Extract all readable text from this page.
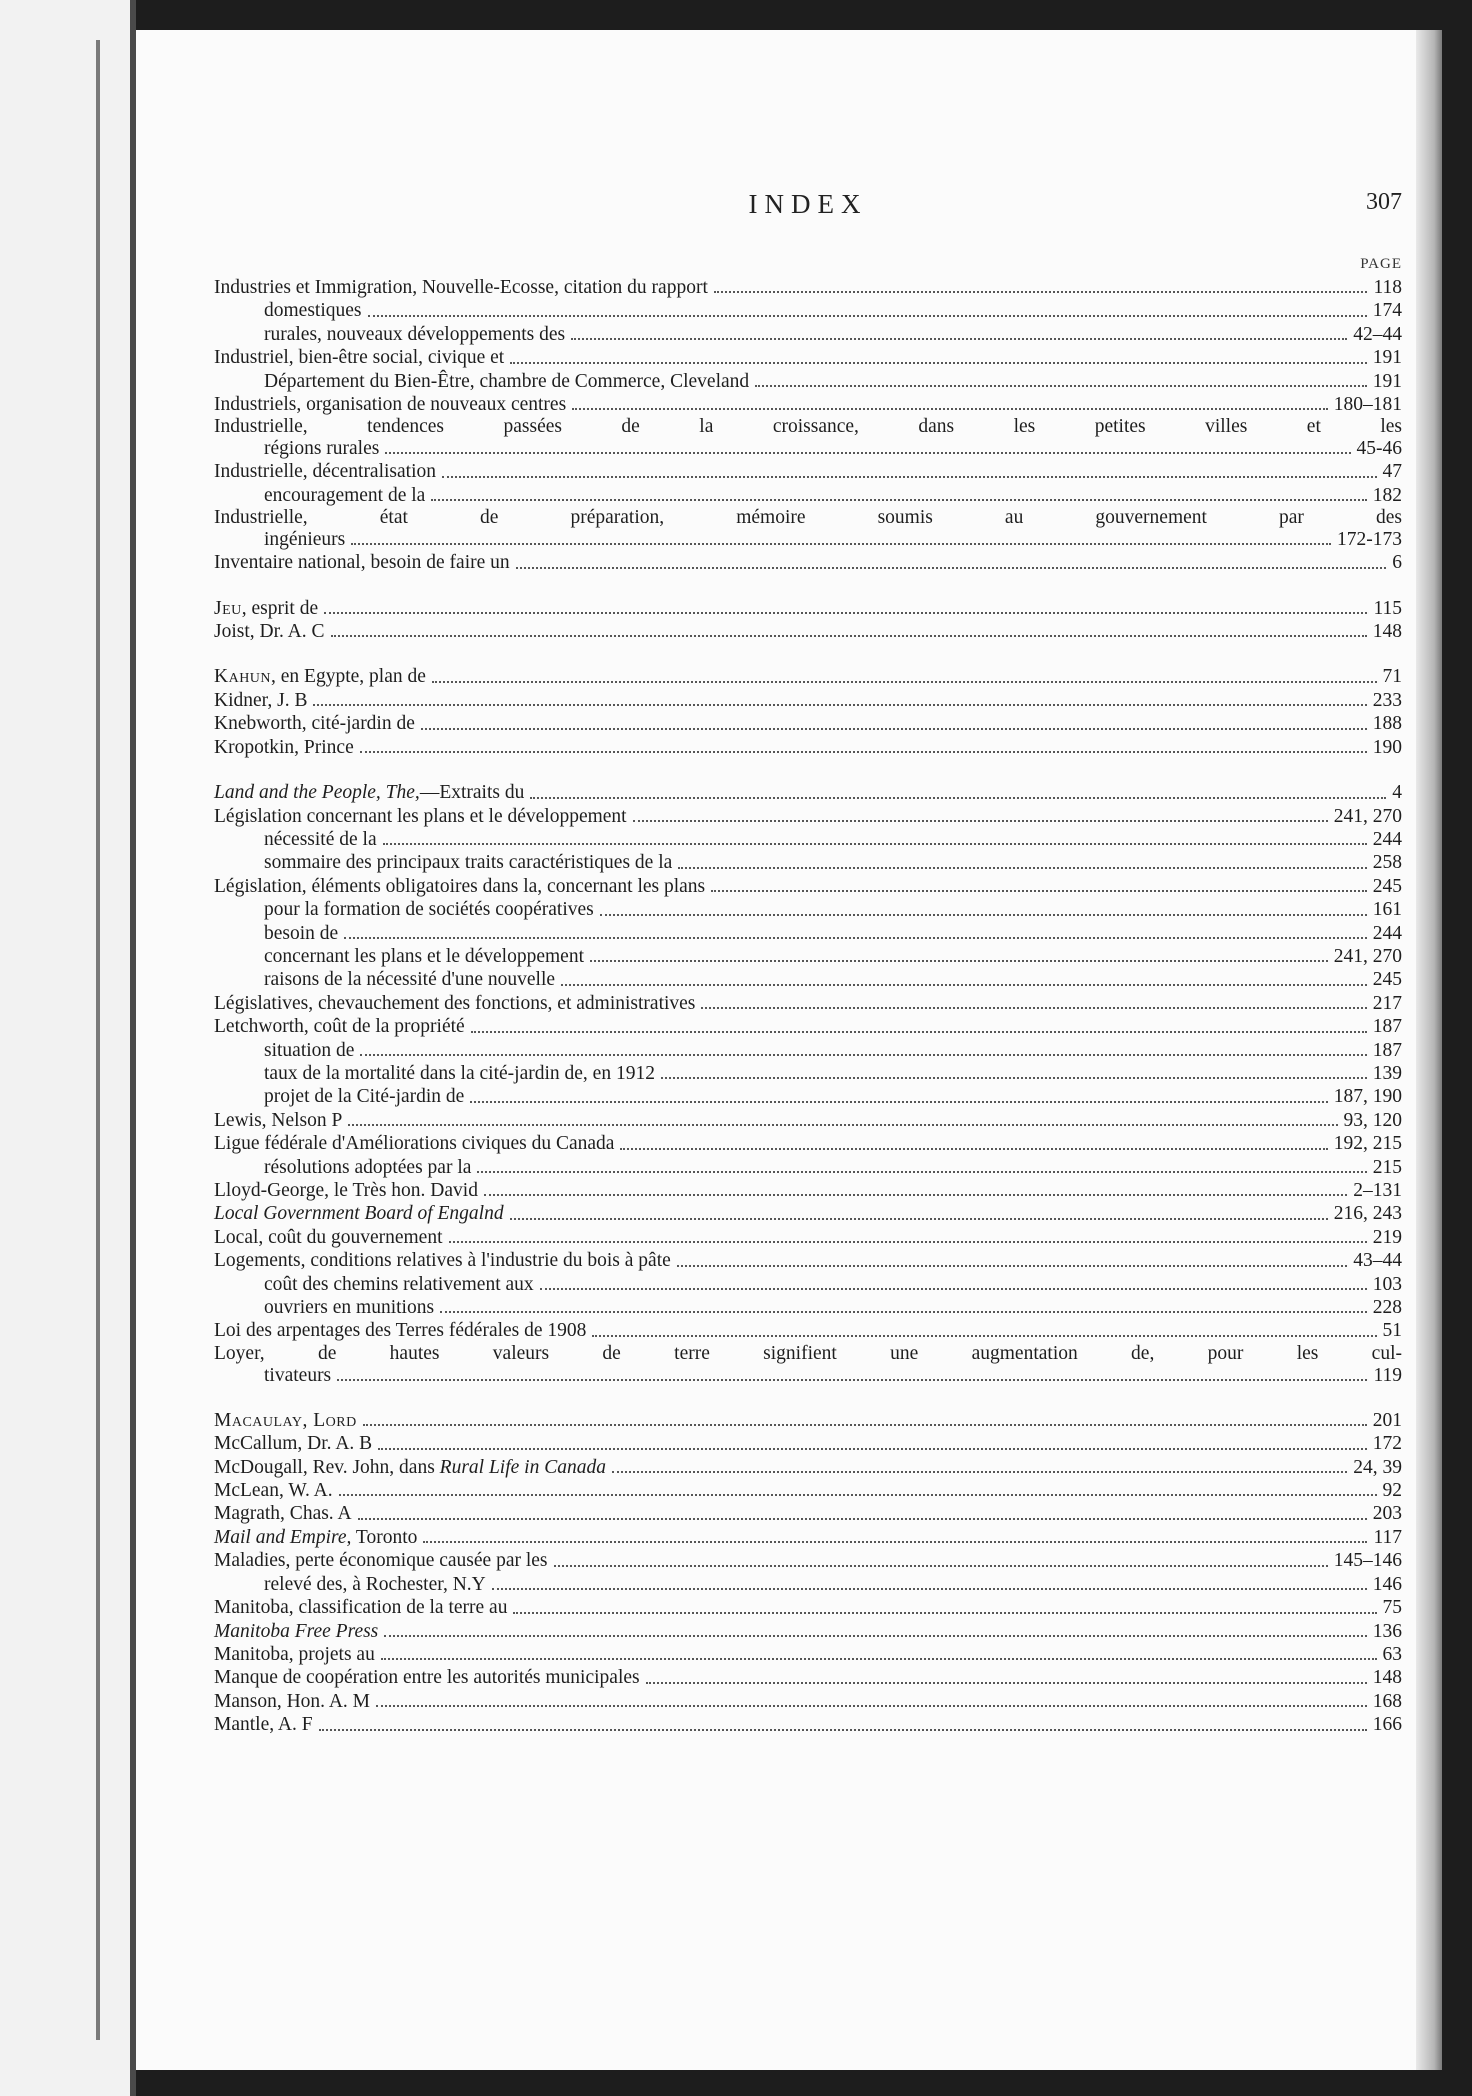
INDEX	307
PAGE
Industries et Immigration, Nouvelle-Ecosse, citation du rapport	118
domestiques	174
rurales, nouveaux développements des	42–44
Industriel, bien-être social, civique et	191
Département du Bien-Être, chambre de Commerce, Cleveland	191
Industriels, organisation de nouveaux centres	180–181
Industrielle, tendences passées de la croissance, dans les petites villes et les
régions rurales	45-46
Industrielle, décentralisation	47
encouragement de la	182
Industrielle, état de préparation, mémoire soumis au gouvernement par des
ingénieurs	172-173
Inventaire national, besoin de faire un	6
Jeu, esprit de	115
Joist, Dr. A. C	148
Kahun, en Egypte, plan de	71
Kidner, J. B	233
Knebworth, cité-jardin de	188
Kropotkin, Prince	190
Land and the People, The,—Extraits du	4
Législation concernant les plans et le développement	241, 270
nécessité de la	244
sommaire des principaux traits caractéristiques de la	258
Législation, éléments obligatoires dans la, concernant les plans	245
pour la formation de sociétés coopératives	161
besoin de	244
concernant les plans et le développement	241, 270
raisons de la nécessité d'une nouvelle	245
Législatives, chevauchement des fonctions, et administratives	217
Letchworth, coût de la propriété	187
situation de	187
taux de la mortalité dans la cité-jardin de, en 1912	139
projet de la Cité-jardin de	187, 190
Lewis, Nelson P	93, 120
Ligue fédérale d'Améliorations civiques du Canada	192, 215
résolutions adoptées par la	215
Lloyd-George, le Très hon. David	2–131
Local Government Board of Engalnd	216, 243
Local, coût du gouvernement	219
Logements, conditions relatives à l'industrie du bois à pâte	43–44
coût des chemins relativement aux	103
ouvriers en munitions	228
Loi des arpentages des Terres fédérales de 1908	51
Loyer, de hautes valeurs de terre signifient une augmentation de, pour les cul-
tivateurs	119
Macaulay, Lord	201
McCallum, Dr. A. B	172
McDougall, Rev. John, dans Rural Life in Canada	24, 39
McLean, W. A.	92
Magrath, Chas. A	203
Mail and Empire, Toronto	117
Maladies, perte économique causée par les	145–146
relevé des, à Rochester, N.Y	146
Manitoba, classification de la terre au	75
Manitoba Free Press	136
Manitoba, projets au	63
Manque de coopération entre les autorités municipales	148
Manson, Hon. A. M	168
Mantle, A. F	166
